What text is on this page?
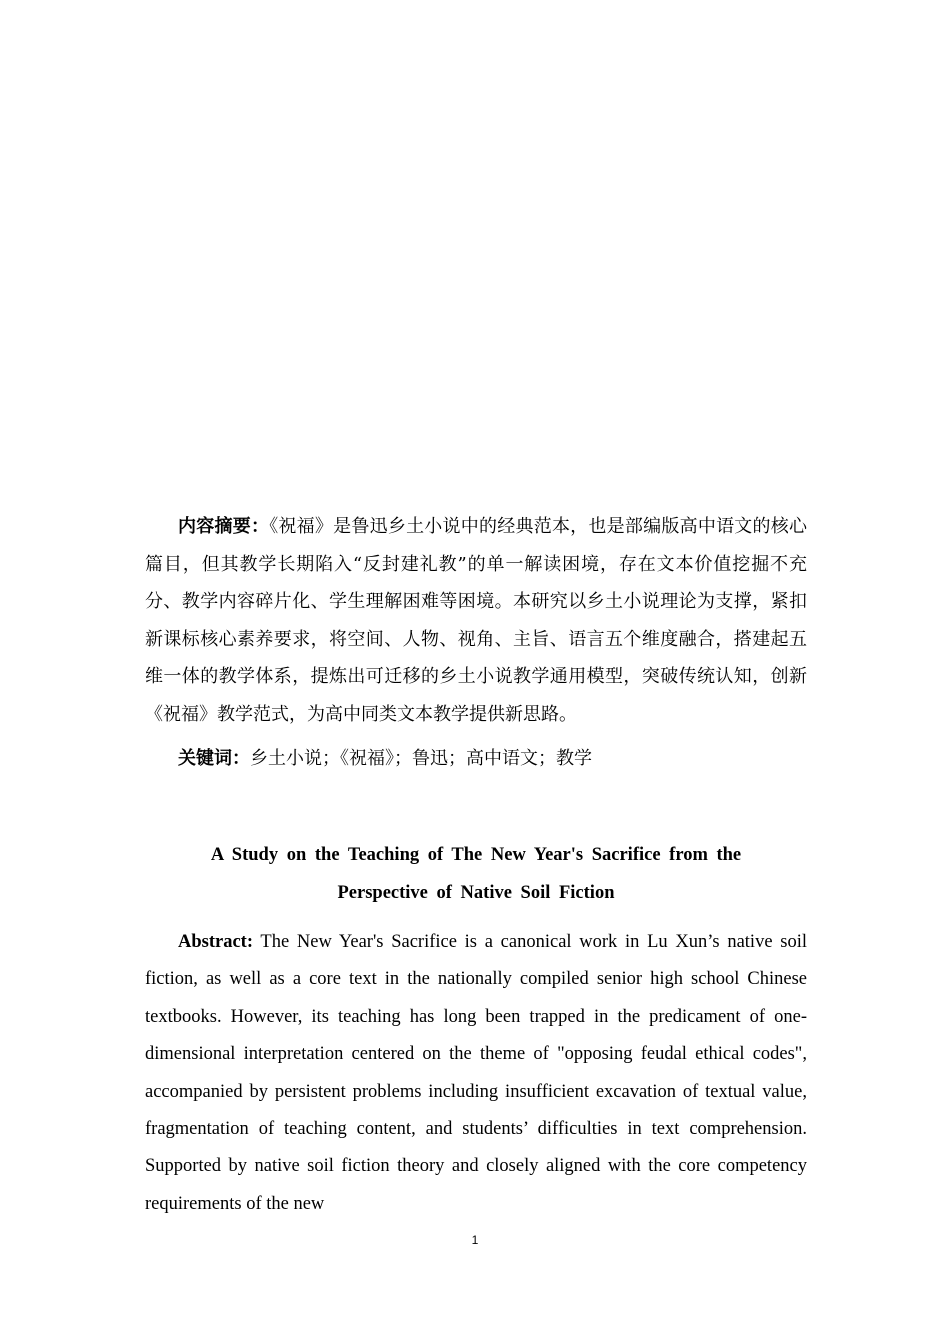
内容摘要：《祝福》是鲁迅乡土小说中的经典范本，也是部编版高中语文的核心篇目，但其教学长期陷入“反封建礼教”的单一解读困境，存在文本价值挖掘不充分、教学内容碎片化、学生理解困难等困境。本研究以乡土小说理论为支撑，紧扣新课标核心素养要求，将空间、人物、视角、主旨、语言五个维度融合，搭建起五维一体的教学体系，提炼出可迁移的乡土小说教学通用模型，突破传统认知，创新《祝福》教学范式，为高中同类文本教学提供新思路。

关键词：乡土小说；《祝福》；鲁迅；高中语文；教学

A Study on the Teaching of The New Year's Sacrifice from the
Perspective of Native Soil Fiction

Abstract: The New Year's Sacrifice is a canonical work in Lu Xun’s native soil fiction, as well as a core text in the nationally compiled senior high school Chinese textbooks. However, its teaching has long been trapped in the predicament of one-dimensional interpretation centered on the theme of "opposing feudal ethical codes", accompanied by persistent problems including insufficient excavation of textual value, fragmentation of teaching content, and students’ difficulties in text comprehension. Supported by native soil fiction theory and closely aligned with the core competency requirements of the new

1
